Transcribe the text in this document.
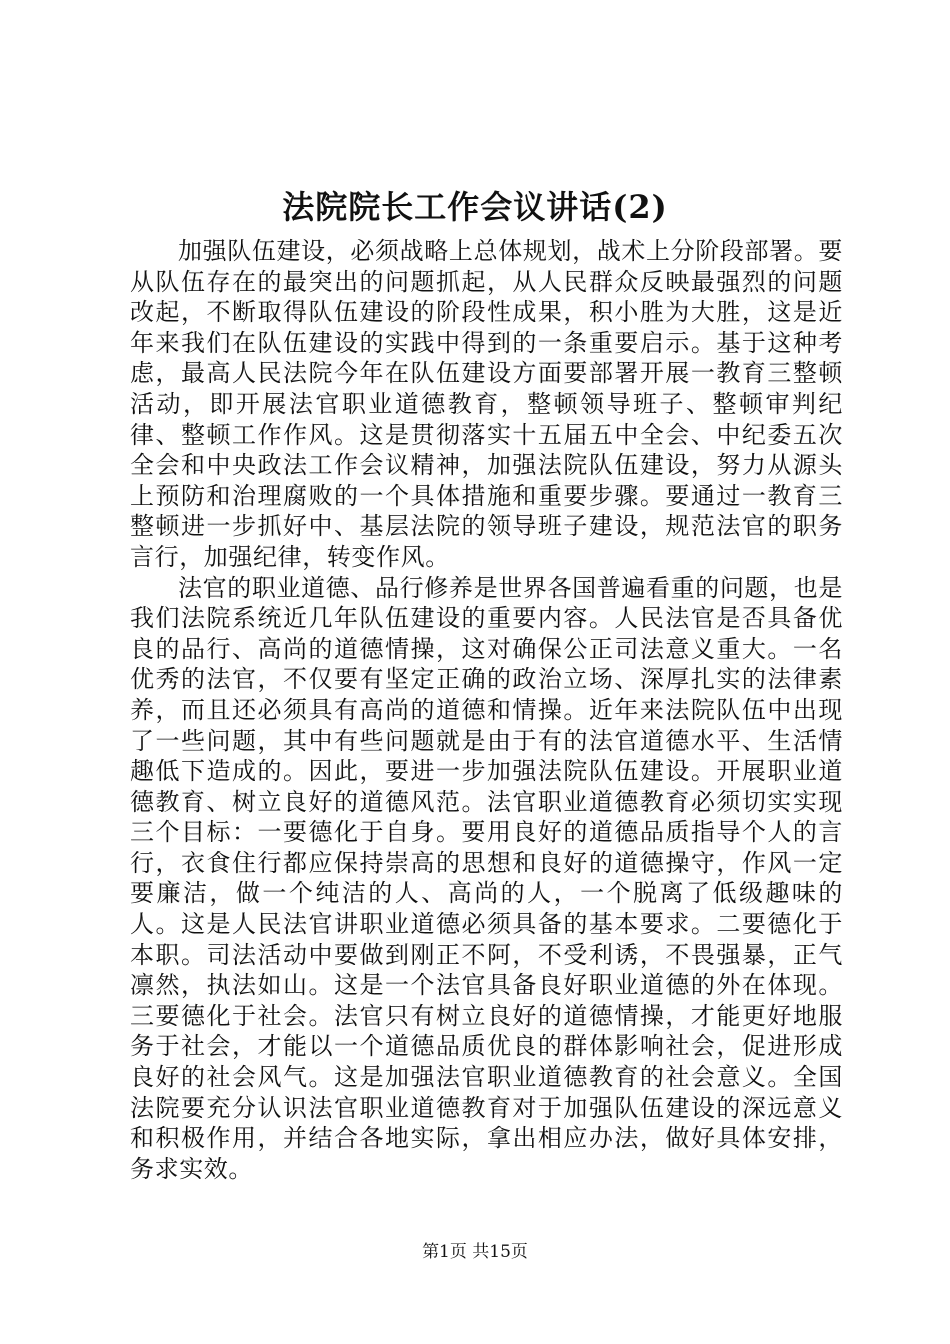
法院院长工作会议讲话(2)

加强队伍建设，必须战略上总体规划，战术上分阶段部署。要从队伍存在的最突出的问题抓起，从人民群众反映最强烈的问题改起，不断取得队伍建设的阶段性成果，积小胜为大胜，这是近年来我们在队伍建设的实践中得到的一条重要启示。基于这种考虑，最高人民法院今年在队伍建设方面要部署开展一教育三整顿活动，即开展法官职业道德教育，整顿领导班子、整顿审判纪律、整顿工作作风。这是贯彻落实十五届五中全会、中纪委五次全会和中央政法工作会议精神，加强法院队伍建设，努力从源头上预防和治理腐败的一个具体措施和重要步骤。要通过一教育三整顿进一步抓好中、基层法院的领导班子建设，规范法官的职务言行，加强纪律，转变作风。

法官的职业道德、品行修养是世界各国普遍看重的问题，也是我们法院系统近几年队伍建设的重要内容。人民法官是否具备优良的品行、高尚的道德情操，这对确保公正司法意义重大。一名优秀的法官，不仅要有坚定正确的政治立场、深厚扎实的法律素养，而且还必须具有高尚的道德和情操。近年来法院队伍中出现了一些问题，其中有些问题就是由于有的法官道德水平、生活情趣低下造成的。因此，要进一步加强法院队伍建设。开展职业道德教育、树立良好的道德风范。法官职业道德教育必须切实实现三个目标：一要德化于自身。要用良好的道德品质指导个人的言行，衣食住行都应保持崇高的思想和良好的道德操守，作风一定要廉洁，做一个纯洁的人、高尚的人，一个脱离了低级趣味的人。这是人民法官讲职业道德必须具备的基本要求。二要德化于本职。司法活动中要做到刚正不阿，不受利诱，不畏强暴，正气凛然，执法如山。这是一个法官具备良好职业道德的外在体现。三要德化于社会。法官只有树立良好的道德情操，才能更好地服务于社会，才能以一个道德品质优良的群体影响社会，促进形成良好的社会风气。这是加强法官职业道德教育的社会意义。全国法院要充分认识法官职业道德教育对于加强队伍建设的深远意义和积极作用，并结合各地实际，拿出相应办法，做好具体安排，务求实效。

第1页 共15页
